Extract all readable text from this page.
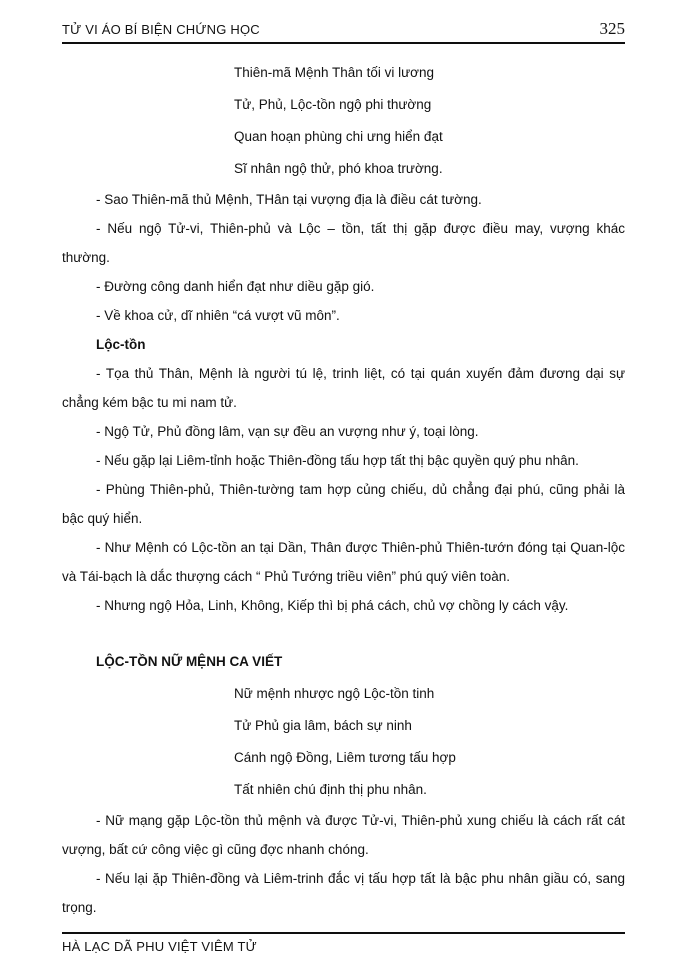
TỬ VI ÁO BÍ BIỆN CHỨNG HỌC	325

Thiên-mã Mệnh Thân tối vi lương

Tử, Phủ, Lộc-tồn ngộ phi thường

Quan hoạn phùng chi ưng hiển đạt

Sĩ nhân ngộ thử, phó khoa trường.

- Sao Thiên-mã thủ Mệnh, THân tại vượng địa là điều cát tường.

- Nếu ngộ Tử-vi, Thiên-phủ và Lộc – tồn, tất thị gặp được điều may, vượng khác thường.

- Đường công danh hiển đạt như diều gặp gió.

- Về khoa cử, dĩ nhiên “cá vượt vũ môn”.

Lộc-tồn

- Tọa thủ Thân, Mệnh là người tú lệ, trinh liệt, có tại quán xuyến đảm đương dại sự chẳng kém bậc tu mi nam tử.

- Ngộ Tử, Phủ đồng lâm, vạn sự đều an vượng như ý, toại lòng.

- Nếu gặp lại Liêm-tỉnh hoặc Thiên-đồng tấu hợp tất thị bậc quyền quý phu nhân.

- Phùng Thiên-phủ, Thiên-tường tam hợp củng chiếu, dủ chẳng đại phú, cũng phải là bậc quý hiển.

- Như Mệnh có Lộc-tồn an tại Dần, Thân được Thiên-phủ Thiên-tướn đóng tại Quan-lộc và Tái-bạch là dắc thượng cách “ Phủ Tướng triều viên” phú quý viên toàn.

- Nhưng ngộ Hỏa, Linh, Không, Kiếp thì bị phá cách, chủ vợ chồng ly cách vậy.

LỘC-TỒN NỮ MỆNH CA VIẾT

Nữ mệnh nhược ngộ Lộc-tồn tinh

Tử Phủ gia lâm, bách sự ninh

Cánh ngộ Đồng, Liêm tương tấu hợp

Tất nhiên chú định thị phu nhân.

- Nữ mạng gặp Lộc-tồn thủ mệnh và được Tử-vi, Thiên-phủ xung chiếu là cách rất cát vượng, bất cứ công việc gì cũng đợc nhanh chóng.

- Nếu lại ặp Thiên-đồng và Liêm-trinh đắc vị tấu hợp tất là bậc phu nhân giầu có, sang trọng.

HÀ LẠC DÃ PHU VIỆT VIÊM TỬ
